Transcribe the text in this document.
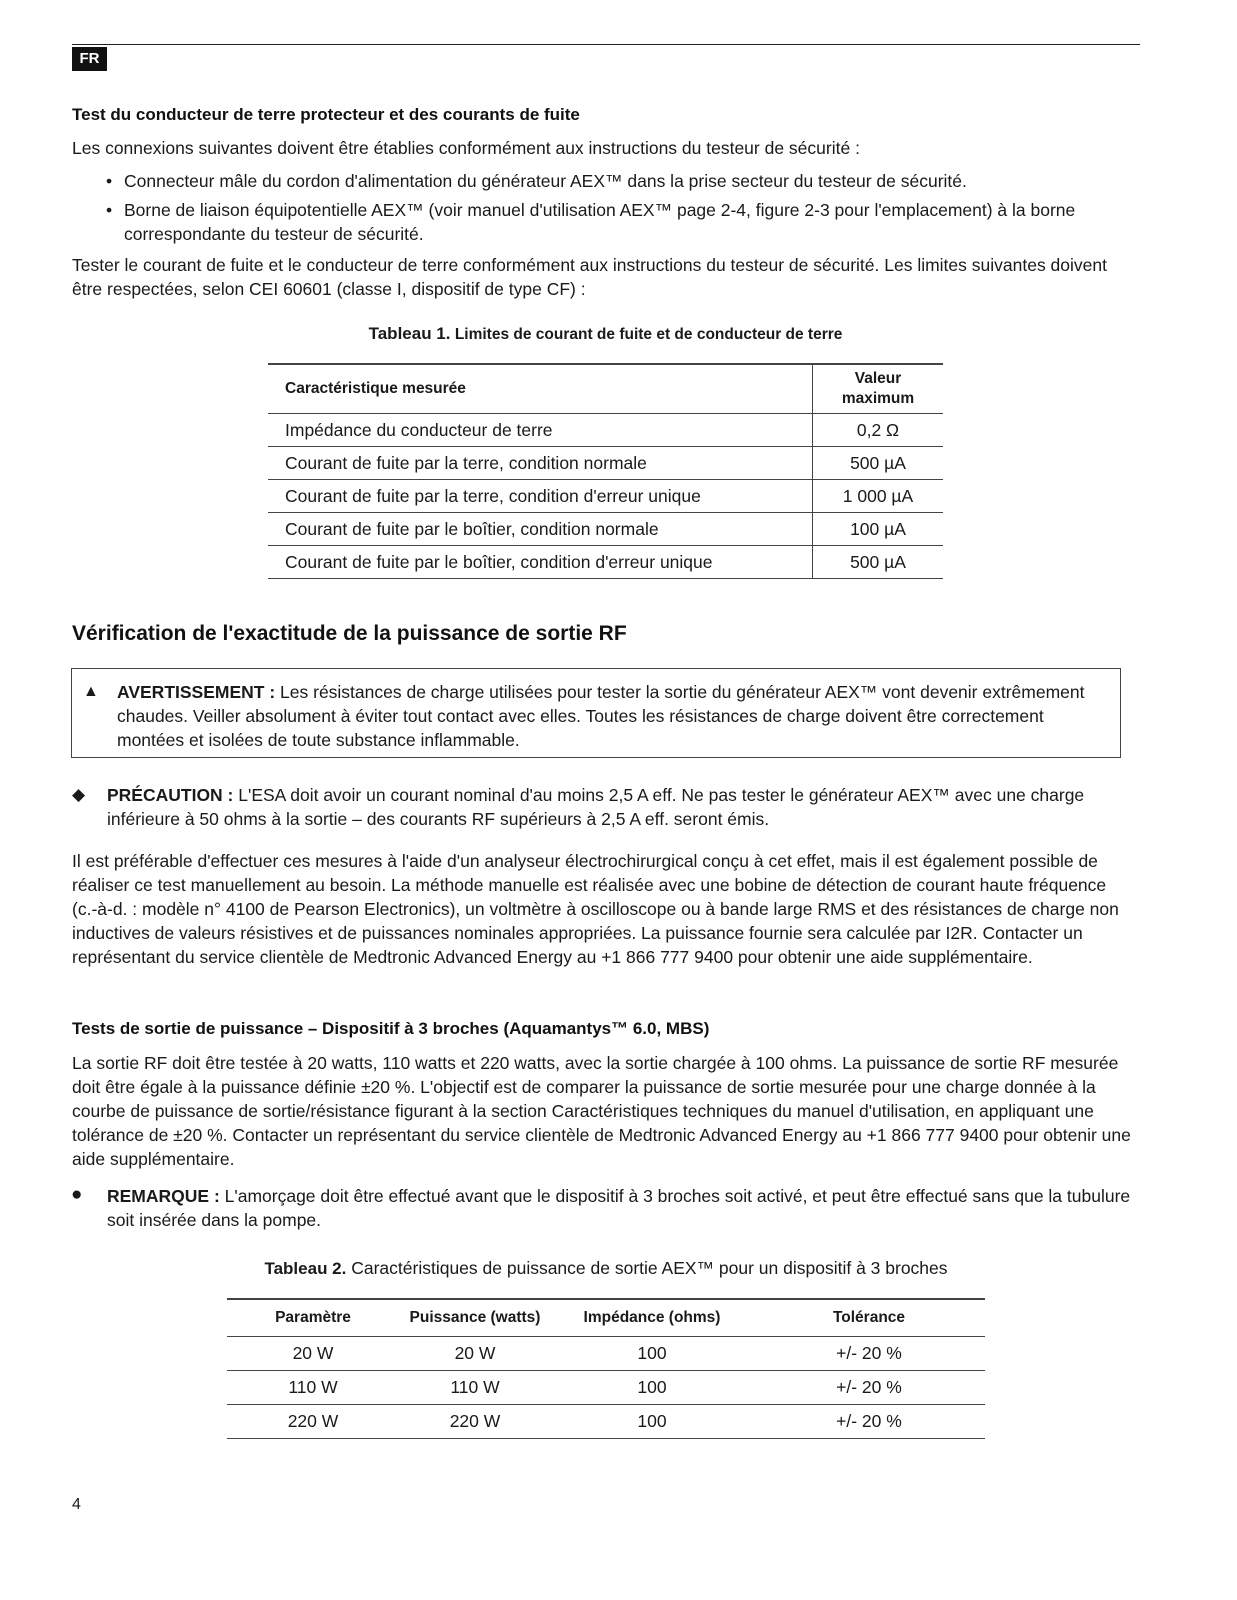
FR
Test du conducteur de terre protecteur et des courants de fuite
Les connexions suivantes doivent être établies conformément aux instructions du testeur de sécurité :
• Connecteur mâle du cordon d'alimentation du générateur AEX™ dans la prise secteur du testeur de sécurité.
• Borne de liaison équipotentielle AEX™ (voir manuel d'utilisation AEX™ page 2-4, figure 2-3 pour l'emplacement) à la borne correspondante du testeur de sécurité.
Tester le courant de fuite et le conducteur de terre conformément aux instructions du testeur de sécurité. Les limites suivantes doivent être respectées, selon CEI 60601 (classe I, dispositif de type CF) :
Tableau 1. Limites de courant de fuite et de conducteur de terre
Caractéristique mesurée	Valeur
maximum
Impédance du conducteur de terre	0,2 Ω
Courant de fuite par la terre, condition normale	500 µA
Courant de fuite par la terre, condition d'erreur unique	1 000 µA
Courant de fuite par le boîtier, condition normale	100 µA
Courant de fuite par le boîtier, condition d'erreur unique	500 µA
Vérification de l'exactitude de la puissance de sortie RF
▲ AVERTISSEMENT : Les résistances de charge utilisées pour tester la sortie du générateur AEX™ vont devenir extrêmement chaudes. Veiller absolument à éviter tout contact avec elles. Toutes les résistances de charge doivent être correctement montées et isolées de toute substance inflammable.
◆ PRÉCAUTION : L'ESA doit avoir un courant nominal d'au moins 2,5 A eff. Ne pas tester le générateur AEX™ avec une charge inférieure à 50 ohms à la sortie – des courants RF supérieurs à 2,5 A eff. seront émis.
Il est préférable d'effectuer ces mesures à l'aide d'un analyseur électrochirurgical conçu à cet effet, mais il est également possible de réaliser ce test manuellement au besoin. La méthode manuelle est réalisée avec une bobine de détection de courant haute fréquence (c.-à-d. : modèle n° 4100 de Pearson Electronics), un voltmètre à oscilloscope ou à bande large RMS et des résistances de charge non inductives de valeurs résistives et de puissances nominales appropriées. La puissance fournie sera calculée par I2R. Contacter un représentant du service clientèle de Medtronic Advanced Energy au +1 866 777 9400 pour obtenir une aide supplémentaire.
Tests de sortie de puissance – Dispositif à 3 broches (Aquamantys™ 6.0, MBS)
La sortie RF doit être testée à 20 watts, 110 watts et 220 watts, avec la sortie chargée à 100 ohms. La puissance de sortie RF mesurée doit être égale à la puissance définie ±20 %. L'objectif est de comparer la puissance de sortie mesurée pour une charge donnée à la courbe de puissance de sortie/résistance figurant à la section Caractéristiques techniques du manuel d'utilisation, en appliquant une tolérance de ±20 %. Contacter un représentant du service clientèle de Medtronic Advanced Energy au +1 866 777 9400 pour obtenir une aide supplémentaire.
● REMARQUE : L'amorçage doit être effectué avant que le dispositif à 3 broches soit activé, et peut être effectué sans que la tubulure soit insérée dans la pompe.
Tableau 2. Caractéristiques de puissance de sortie AEX™ pour un dispositif à 3 broches
Paramètre	Puissance (watts)	Impédance (ohms)	Tolérance
20 W	20 W	100	+/- 20 %
110 W	110 W	100	+/- 20 %
220 W	220 W	100	+/- 20 %
4
